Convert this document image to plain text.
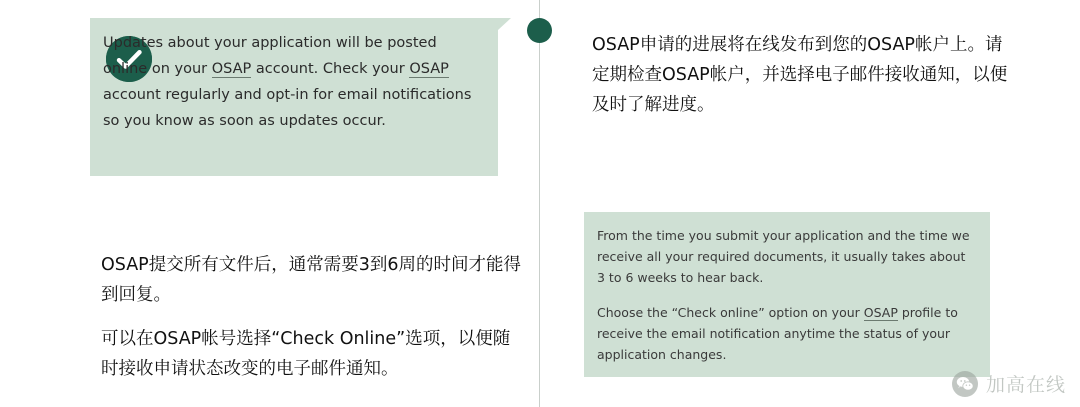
Updates about your application will be posted online on your OSAP account. Check your OSAP account regularly and opt-in for email notifications so you know as soon as updates occur.

OSAP提交所有文件后，通常需要3到6周的时间才能得到回复。

可以在OSAP帐号选择“Check Online”选项，以便随时接收申请状态改变的电子邮件通知。

OSAP申请的进展将在线发布到您的OSAP帐户上。请定期检查OSAP帐户，并选择电子邮件接收通知，以便及时了解进度。

From the time you submit your application and the time we receive all your required documents, it usually takes about 3 to 6 weeks to hear back.

Choose the “Check online” option on your OSAP profile to receive the email notification anytime the status of your application changes.

加高在线
